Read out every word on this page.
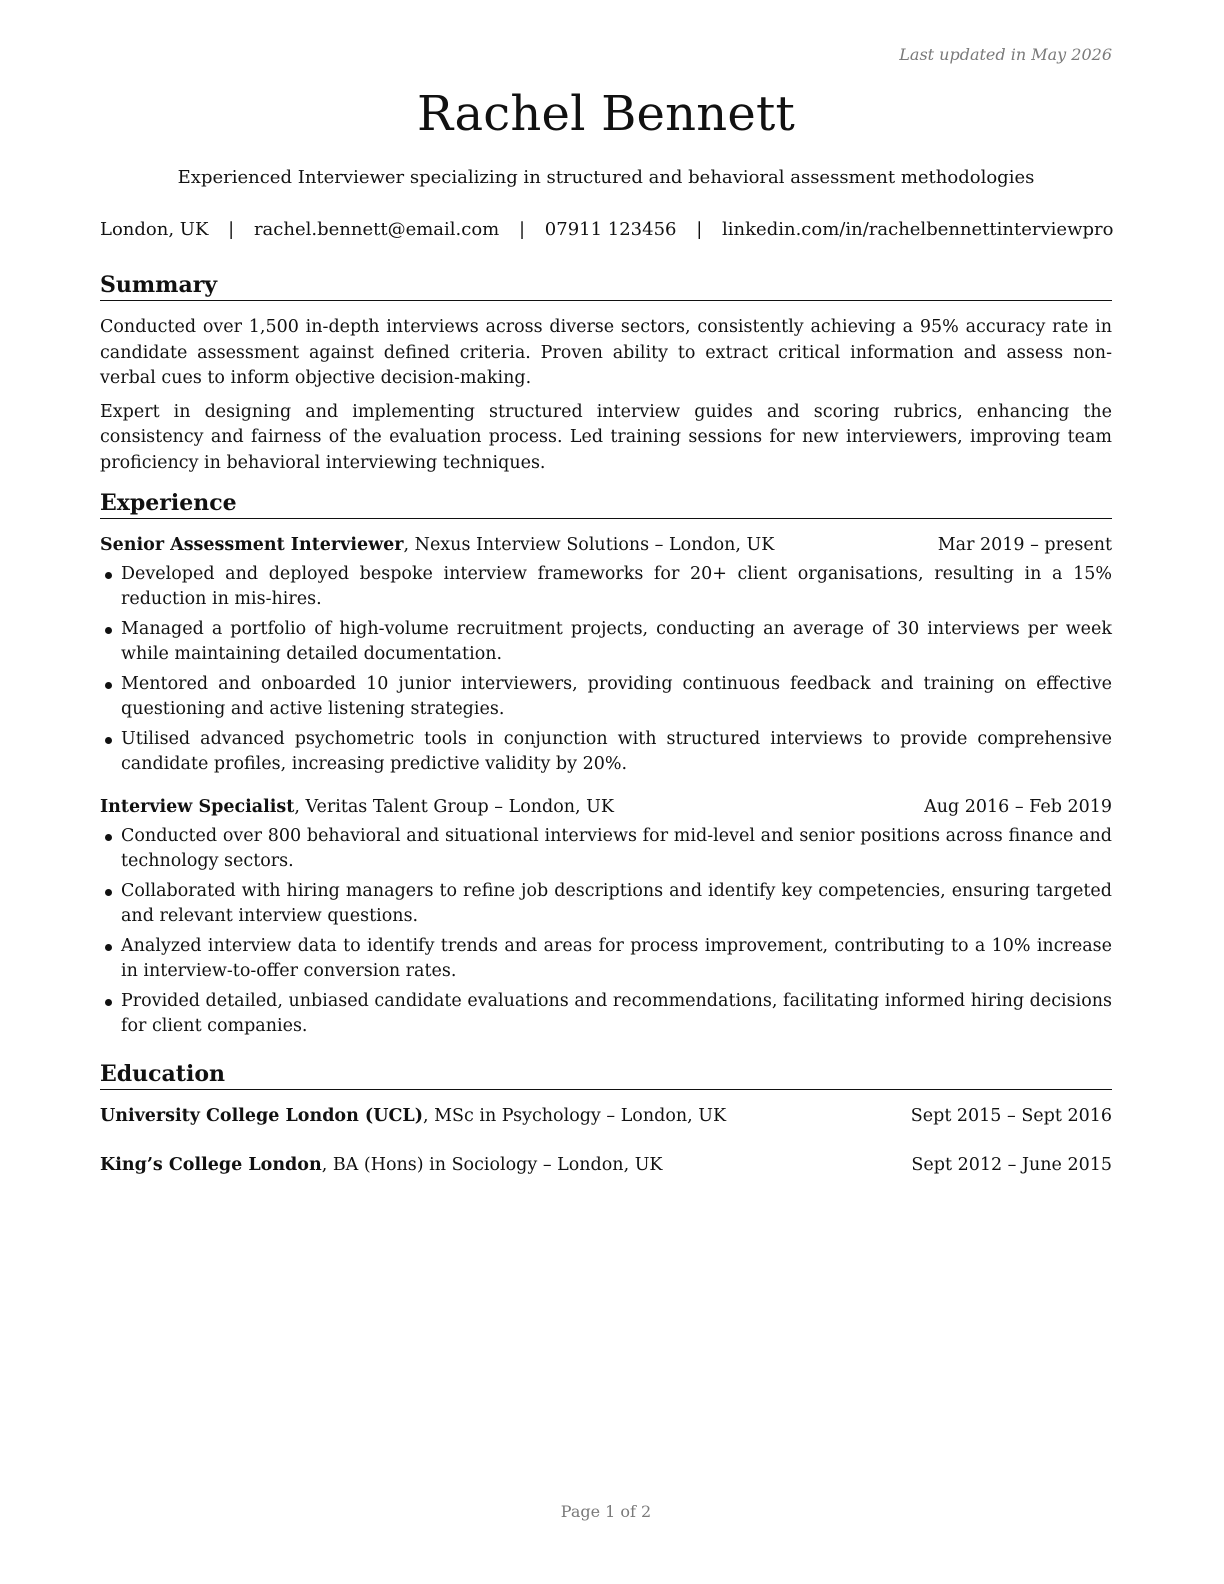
Last updated in May 2026
Rachel Bennett
Experienced Interviewer specializing in structured and behavioral assessment methodologies
London, UK | rachel.bennett@email.com | 07911 123456 | linkedin.com/in/rachelbennettinterviewpro
Summary

Conducted over 1,500 in-depth interviews across diverse sectors, consistently achieving a 95% accuracy rate in candidate assessment against defined criteria. Proven ability to extract critical information and assess non-verbal cues to inform objective decision-making.

Expert in designing and implementing structured interview guides and scoring rubrics, enhancing the consistency and fairness of the evaluation process. Led training sessions for new interviewers, improving team proficiency in behavioral interviewing techniques.

Experience
Senior Assessment Interviewer, Nexus Interview Solutions – London, UK	Mar 2019 – present
Developed and deployed bespoke interview frameworks for 20+ client organisations, resulting in a 15% reduction in mis-hires.
Managed a portfolio of high-volume recruitment projects, conducting an average of 30 interviews per week while maintaining detailed documentation.
Mentored and onboarded 10 junior interviewers, providing continuous feedback and training on effective questioning and active listening strategies.
Utilised advanced psychometric tools in conjunction with structured interviews to provide comprehensive candidate profiles, increasing predictive validity by 20%.
Interview Specialist, Veritas Talent Group – London, UK	Aug 2016 – Feb 2019
Conducted over 800 behavioral and situational interviews for mid-level and senior positions across finance and technology sectors.
Collaborated with hiring managers to refine job descriptions and identify key competencies, ensuring targeted and relevant interview questions.
Analyzed interview data to identify trends and areas for process improvement, contributing to a 10% increase in interview-to-offer conversion rates.
Provided detailed, unbiased candidate evaluations and recommendations, facilitating informed hiring decisions for client companies.
Education
University College London (UCL), MSc in Psychology – London, UK	Sept 2015 – Sept 2016
King’s College London, BA (Hons) in Sociology – London, UK	Sept 2012 – June 2015
Page 1 of 2
